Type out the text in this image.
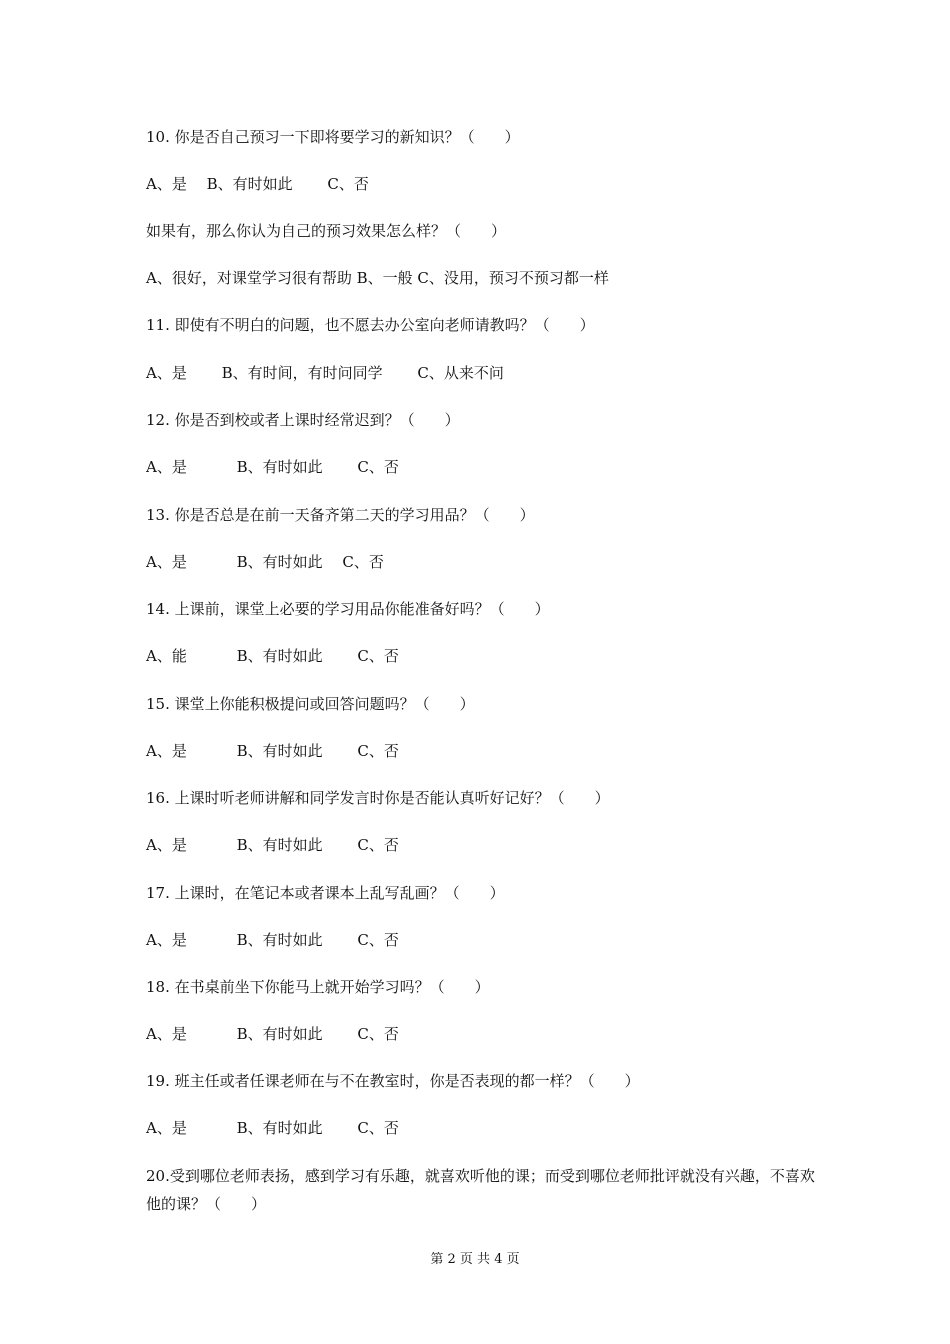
10. 你是否自己预习一下即将要学习的新知识？（　　）
A、是　 B、有时如此　　 C、否
如果有，那么你认为自己的预习效果怎么样？（　　）
A、很好，对课堂学习很有帮助 B、一般 C、没用，预习不预习都一样
11. 即使有不明白的问题，也不愿去办公室向老师请教吗？（　　）
A、是　　 B、有时间，有时问同学　　 C、从来不问
12. 你是否到校或者上课时经常迟到？（　　）
A、是　　　 B、有时如此　　 C、否
13. 你是否总是在前一天备齐第二天的学习用品？（　　）
A、是　　　 B、有时如此　 C、否
14. 上课前，课堂上必要的学习用品你能准备好吗？（　　）
A、能　　　 B、有时如此　　 C、否
15. 课堂上你能积极提问或回答问题吗？（　　）
A、是　　　 B、有时如此　　 C、否
16. 上课时听老师讲解和同学发言时你是否能认真听好记好？（　　）
A、是　　　 B、有时如此　　 C、否
17. 上课时，在笔记本或者课本上乱写乱画？（　　）
A、是　　　 B、有时如此　　 C、否
18. 在书桌前坐下你能马上就开始学习吗？（　　）
A、是　　　 B、有时如此　　 C、否
19. 班主任或者任课老师在与不在教室时，你是否表现的都一样？（　　）
A、是　　　 B、有时如此　　 C、否
20.受到哪位老师表扬，感到学习有乐趣，就喜欢听他的课；而受到哪位老师批评就没有兴趣，不喜欢他的课？（　　）
第 2 页 共 4 页
